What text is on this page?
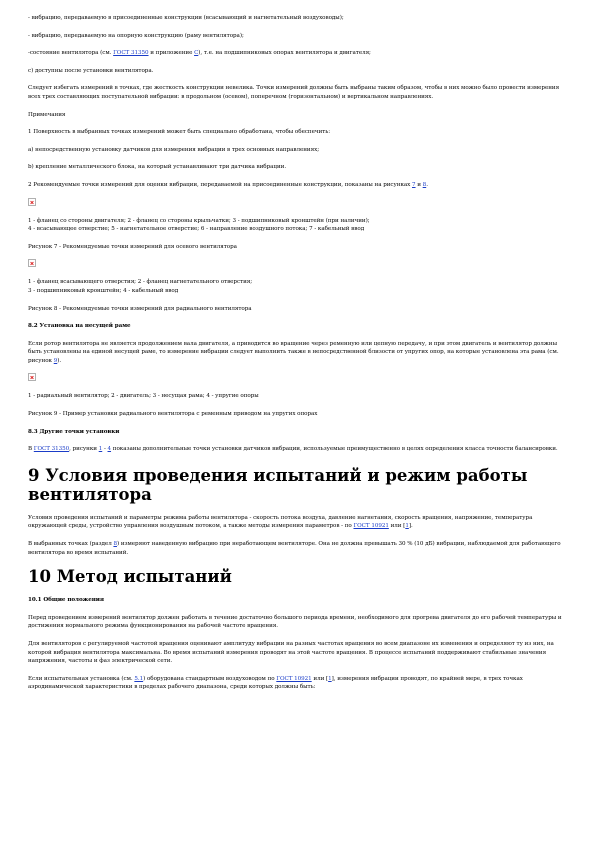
- вибрацию, передаваемую в присоединенные конструкции (всасывающий и нагнетательный воздуховоды);

- вибрацию, передаваемую на опорную конструкцию (раму вентилятора);

-состояние вентилятора (см. ГОСТ 31350 и приложение С), т.е. на подшипниковых опорах вентилятора и двигателя;

с) доступны после установки вентилятора.

Следует избегать измерений в точках, где жесткость конструкции невелика. Точки измерений должны быть выбраны таким образом, чтобы в них можно было провести измерения всех трех составляющих поступательной вибрации: в продольном (осевом), поперечном (горизонтальном) и вертикальном направлениях.

Примечания

1 Поверхность в выбранных точках измерений может быть специально обработана, чтобы обеспечить:

а) непосредственную установку датчиков для измерения вибрации в трех основных направлениях;

b) крепление металлического блока, на который устанавливают три датчика вибрации.

2 Рекомендуемые точки измерений для оценки вибрации, передаваемой на присоединенные конструкции, показаны на рисунках 7 и 8.

1 - фланец со стороны двигателя; 2 - фланец со стороны крыльчатки; 3 - подшипниковый кронштейн (при наличии);

4 - всасывающее отверстие; 5 - нагнетательное отверстие; 6 - направление воздушного потока; 7 - кабельный ввод

Рисунок 7 - Рекомендуемые точки измерений для осевого вентилятора

1 - фланец всасывающего отверстия; 2 - фланец нагнетательного отверстия;

3 - подшипниковый кронштейн; 4 - кабельный ввод

Рисунок 8 - Рекомендуемые точки измерений для радиального вентилятора

8.2 Установка на несущей раме

Если ротор вентилятора не является продолжением вала двигателя, а приводится во вращение через ременную или цепную передачу, и при этом двигатель и вентилятор должны быть установлены на единой несущей раме, то измерение вибрации следует выполнить также в непосредственной близости от упругих опор, на которые установлена эта рама (см. рисунок 9).

1 - радиальный вентилятор; 2 - двигатель; 3 - несущая рама; 4 - упругие опоры

Рисунок 9 - Пример установки радиального вентилятора с ременным приводом на упругих опорах

8.3 Другие точки установки

В ГОСТ 31350, рисунки 1 - 4 показаны дополнительные точки установки датчиков вибрации, используемые преимущественно в целях определения класса точности балансировки.

9 Условия проведения испытаний и режим работы вентилятора

Условия проведения испытаний и параметры режима работы вентилятора - скорость потока воздуха, давление нагнетания, скорость вращения, напряжение, температура окружающей среды, устройство управления воздушным потоком, а также методы измерения параметров - по ГОСТ 10921 или [1].

В выбранных точках (раздел 8) измеряют наведенную вибрацию при неработающем вентиляторе. Она не должна превышать 30 % (10 дБ) вибрации, наблюдаемой для работающего вентилятора во время испытаний.

10 Метод испытаний

10.1 Общие положения

Перед проведением измерений вентилятор должен работать в течение достаточно большого периода времени, необходимого для прогрева двигателя до его рабочей температуры и достижения нормального режима функционирования на рабочей частоте вращения.

Для вентиляторов с регулируемой частотой вращения оценивают амплитуду вибрации на разных частотах вращения во всем диапазоне их изменения и определяют ту из них, на которой вибрация вентилятора максимальна. Во время испытаний измерения проводят на этой частоте вращения. В процессе испытаний поддерживают стабильные значения напряжения, частоты и фаз электрической сети.

Если испытательная установка (см. 5.1) оборудована стандартным воздуховодом по ГОСТ 10921 или [1], измерения вибрации проводят, по крайней мере, в трех точках аэродинамической характеристики в пределах рабочего диапазона, среди которых должны быть:
